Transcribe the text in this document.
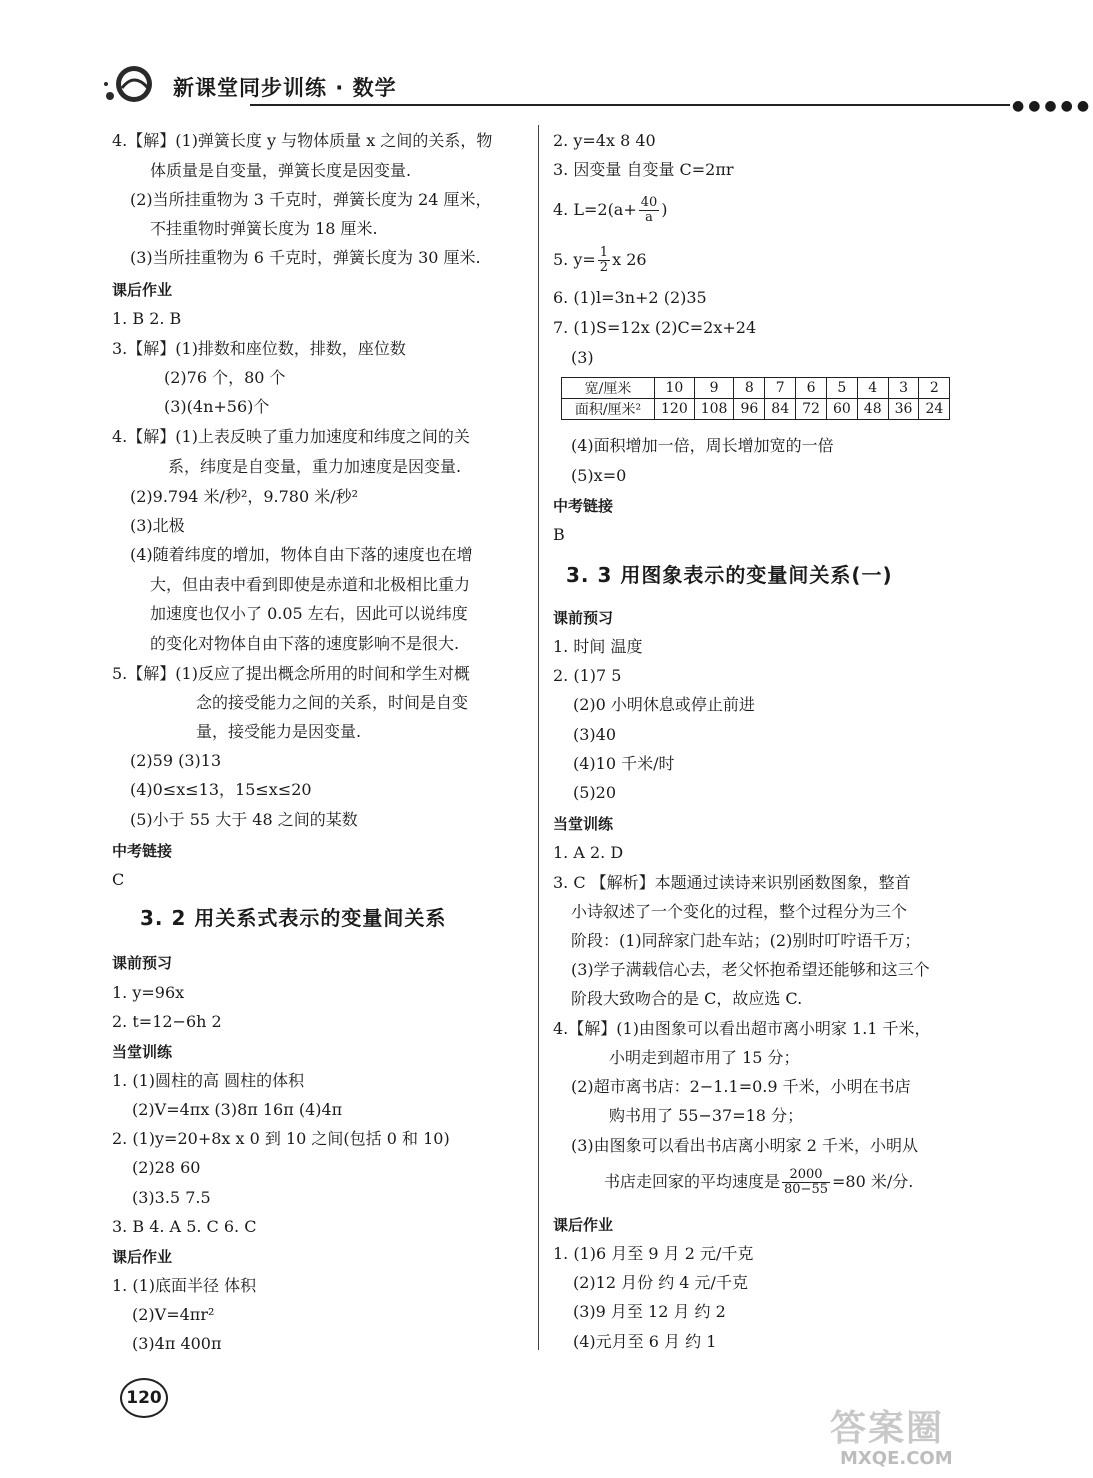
新课堂同步训练 · 数学
●●●●●
4.【解】(1)弹簧长度 y 与物体质量 x 之间的关系，物
体质量是自变量，弹簧长度是因变量.
(2)当所挂重物为 3 千克时，弹簧长度为 24 厘米，
不挂重物时弹簧长度为 18 厘米.
(3)当所挂重物为 6 千克时，弹簧长度为 30 厘米.
课后作业
1. B 2. B
3.【解】(1)排数和座位数，排数，座位数
(2)76 个，80 个
(3)(4n+56)个
4.【解】(1)上表反映了重力加速度和纬度之间的关
系，纬度是自变量，重力加速度是因变量.
(2)9.794 米/秒²，9.780 米/秒²
(3)北极
(4)随着纬度的增加，物体自由下落的速度也在增
大，但由表中看到即使是赤道和北极相比重力
加速度也仅小了 0.05 左右，因此可以说纬度
的变化对物体自由下落的速度影响不是很大.
5.【解】(1)反应了提出概念所用的时间和学生对概
念的接受能力之间的关系，时间是自变
量，接受能力是因变量.
(2)59 (3)13
(4)0≤x≤13，15≤x≤20
(5)小于 55 大于 48 之间的某数
中考链接
C
3. 2 用关系式表示的变量间关系
课前预习
1. y=96x
2. t=12−6h 2
当堂训练
1. (1)圆柱的高 圆柱的体积
(2)V=4πx (3)8π 16π (4)4π
2. (1)y=20+8x x 0 到 10 之间(包括 0 和 10)
(2)28 60
(3)3.5 7.5
3. B 4. A 5. C 6. C
课后作业
1. (1)底面半径 体积
(2)V=4πr²
(3)4π 400π
2. y=4x 8 40
3. 因变量 自变量 C=2πr
4. $L=2(a+ \frac{40}{a}$ )
5. $y= \frac{1}{2}$ x 26
6. (1)l=3n+2 (2)35
7. (1)S=12x (2)C=2x+24
(3)
宽/厘米	10	9	8	7	6	5	4	3	2
面积/厘米²	120	108	96	84	72	60	48	36	24
(4)面积增加一倍，周长增加宽的一倍
(5)x=0
中考链接
B
3. 3 用图象表示的变量间关系(一)
课前预习
1. 时间 温度
2. (1)7 5
(2)0 小明休息或停止前进
(3)40
(4)10 千米/时
(5)20
当堂训练
1. A 2. D
3. C 【解析】本题通过读诗来识别函数图象，整首
小诗叙述了一个变化的过程，整个过程分为三个
阶段：(1)同辞家门赴车站；(2)别时叮咛语千万；
(3)学子满载信心去，老父怀抱希望还能够和这三个
阶段大致吻合的是 C，故应选 C.
4.【解】(1)由图象可以看出超市离小明家 1.1 千米，
小明走到超市用了 15 分；
(2)超市离书店：2−1.1=0.9 千米，小明在书店
购书用了 55−37=18 分；
(3)由图象可以看出书店离小明家 2 千米，小明从
书店走回家的平均速度是 $\frac{2000}{80-55} =80$ 米/分.
课后作业
1. (1)6 月至 9 月 2 元/千克
(2)12 月份 约 4 元/千克
(3)9 月至 12 月 约 2
(4)元月至 6 月 约 1
120
答案圈
MXQE.COM
